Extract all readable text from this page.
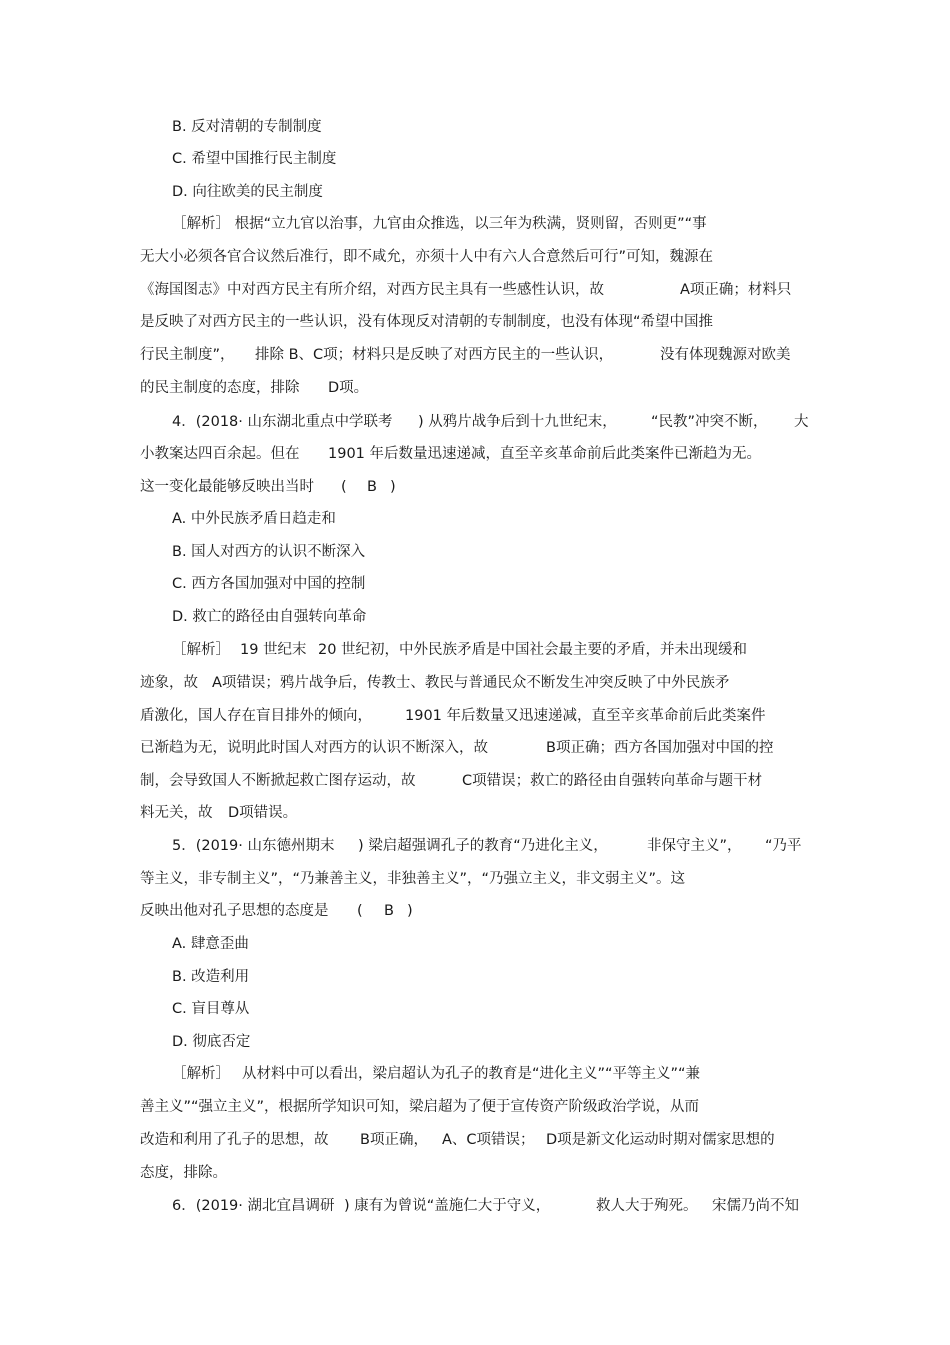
B. 反对清朝的专制制度
C. 希望中国推行民主制度
D. 向往欧美的民主制度
［解析］ 根据“立九官以治事，九官由众推选，以三年为秩满，贤则留，否则更”“事
无大小必须各官合议然后准行，即不咸允，亦须十人中有六人合意然后可行”可知，魏源在
《海国图志》中对西方民主有所介绍，对西方民主具有一些感性认识，故	A项正确；材料只
是反映了对西方民主的一些认识，没有体现反对清朝的专制制度，也没有体现“希望中国推
行民主制度”， 排除 B、C项；材料只是反映了对西方民主的一些认识，	没有体现魏源对欧美
的民主制度的态度，排除 D项。
4．(2018· 山东湖北重点中学联考 ) 从鸦片战争后到十九世纪末， “民教”冲突不断， 大
小教案达四百余起。但在 1901 年后数量迅速递减，直至辛亥革命前后此类案件已渐趋为无。
这一变化最能够反映出当时 ( B )
A. 中外民族矛盾日趋走和
B. 国人对西方的认识不断深入
C. 西方各国加强对中国的控制
D. 救亡的路径由自强转向革命
［解析］ 19 世纪末 20 世纪初，中外民族矛盾是中国社会最主要的矛盾，并未出现缓和
迹象，故 A项错误；鸦片战争后，传教士、教民与普通民众不断发生冲突反映了中外民族矛
盾激化，国人存在盲目排外的倾向， 1901 年后数量又迅速递减，直至辛亥革命前后此类案件
已渐趋为无，说明此时国人对西方的认识不断深入，故	B项正确；西方各国加强对中国的控
制，会导致国人不断掀起救亡图存运动，故	C项错误；救亡的路径由自强转向革命与题干材
料无关，故 D项错误。
5．(2019· 山东德州期末 ) 梁启超强调孔子的教育“乃进化主义，	非保守主义”， “乃平
等主义，非专制主义”，“乃兼善主义，非独善主义”，“乃强立主义，非文弱主义”。这
反映出他对孔子思想的态度是 ( B )
A. 肆意歪曲
B. 改造利用
C. 盲目尊从
D. 彻底否定
［解析］ 从材料中可以看出，梁启超认为孔子的教育是“进化主义”“平等主义”“兼
善主义”“强立主义”，根据所学知识可知，梁启超为了便于宣传资产阶级政治学说，从而
改造和利用了孔子的思想，故 B项正确， A、C项错误； D项是新文化运动时期对儒家思想的
态度，排除。
6．(2019· 湖北宜昌调研 ) 康有为曾说“盖施仁大于守义，	救人大于殉死。 宋儒乃尚不知
